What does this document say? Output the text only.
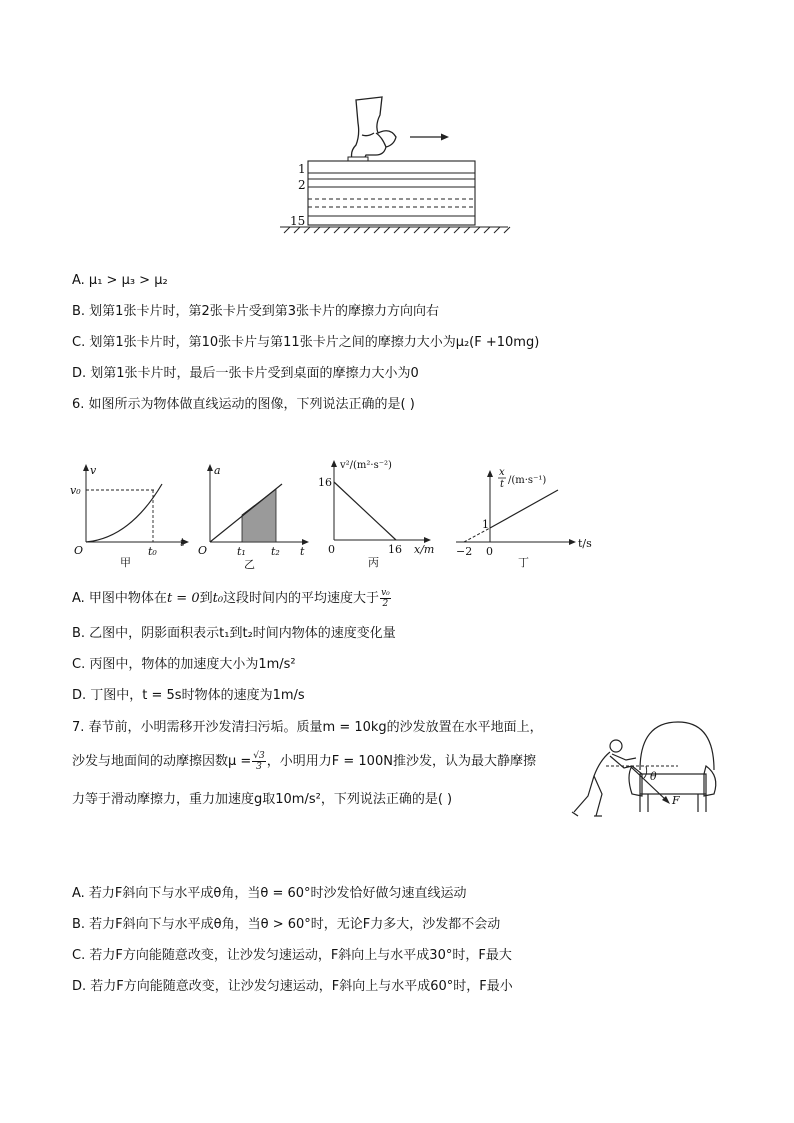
1
2
15
A. μ₁ > μ₃ > μ₂
B. 划第1张卡片时，第2张卡片受到第3张卡片的摩擦力方向向右
C. 划第1张卡片时，第10张卡片与第11张卡片之间的摩擦力大小为μ₂(F +10mg)
D. 划第1张卡片时，最后一张卡片受到桌面的摩擦力大小为0
6. 如图所示为物体做直线运动的图像，下列说法正确的是( )
v
v₀
O
t
t₀
甲
a
O	t
t₁ t₂
乙
v²/(m²·s⁻²)
16
0	16 x/m
丙
x
t /(m·s⁻¹)
1
−2 0
t/s
丁
A. 甲图中物体在t = 0到t₀这段时间内的平均速度大于 $\frac{\text{v₀}}{2}$
B. 乙图中，阴影面积表示t₁到t₂时间内物体的速度变化量
C. 丙图中，物体的加速度大小为1m/s²
D. 丁图中，t = 5s时物体的速度为1m/s
7. 春节前，小明需移开沙发清扫污垢。质量m = 10kg的沙发放置在水平地面上，
沙发与地面间的动摩擦因数$\mu = \frac{√3}{3}$ ，小明用力F = 100N推沙发，认为最大静摩擦
力等于滑动摩擦力，重力加速度g取10m/s²，下列说法正确的是( )
θ
F
A. 若力F斜向下与水平成θ角，当θ = 60°时沙发恰好做匀速直线运动
B. 若力F斜向下与水平成θ角，当θ > 60°时，无论F力多大，沙发都不会动
C. 若力F方向能随意改变，让沙发匀速运动，F斜向上与水平成30°时，F最大
D. 若力F方向能随意改变，让沙发匀速运动，F斜向上与水平成60°时，F最小
